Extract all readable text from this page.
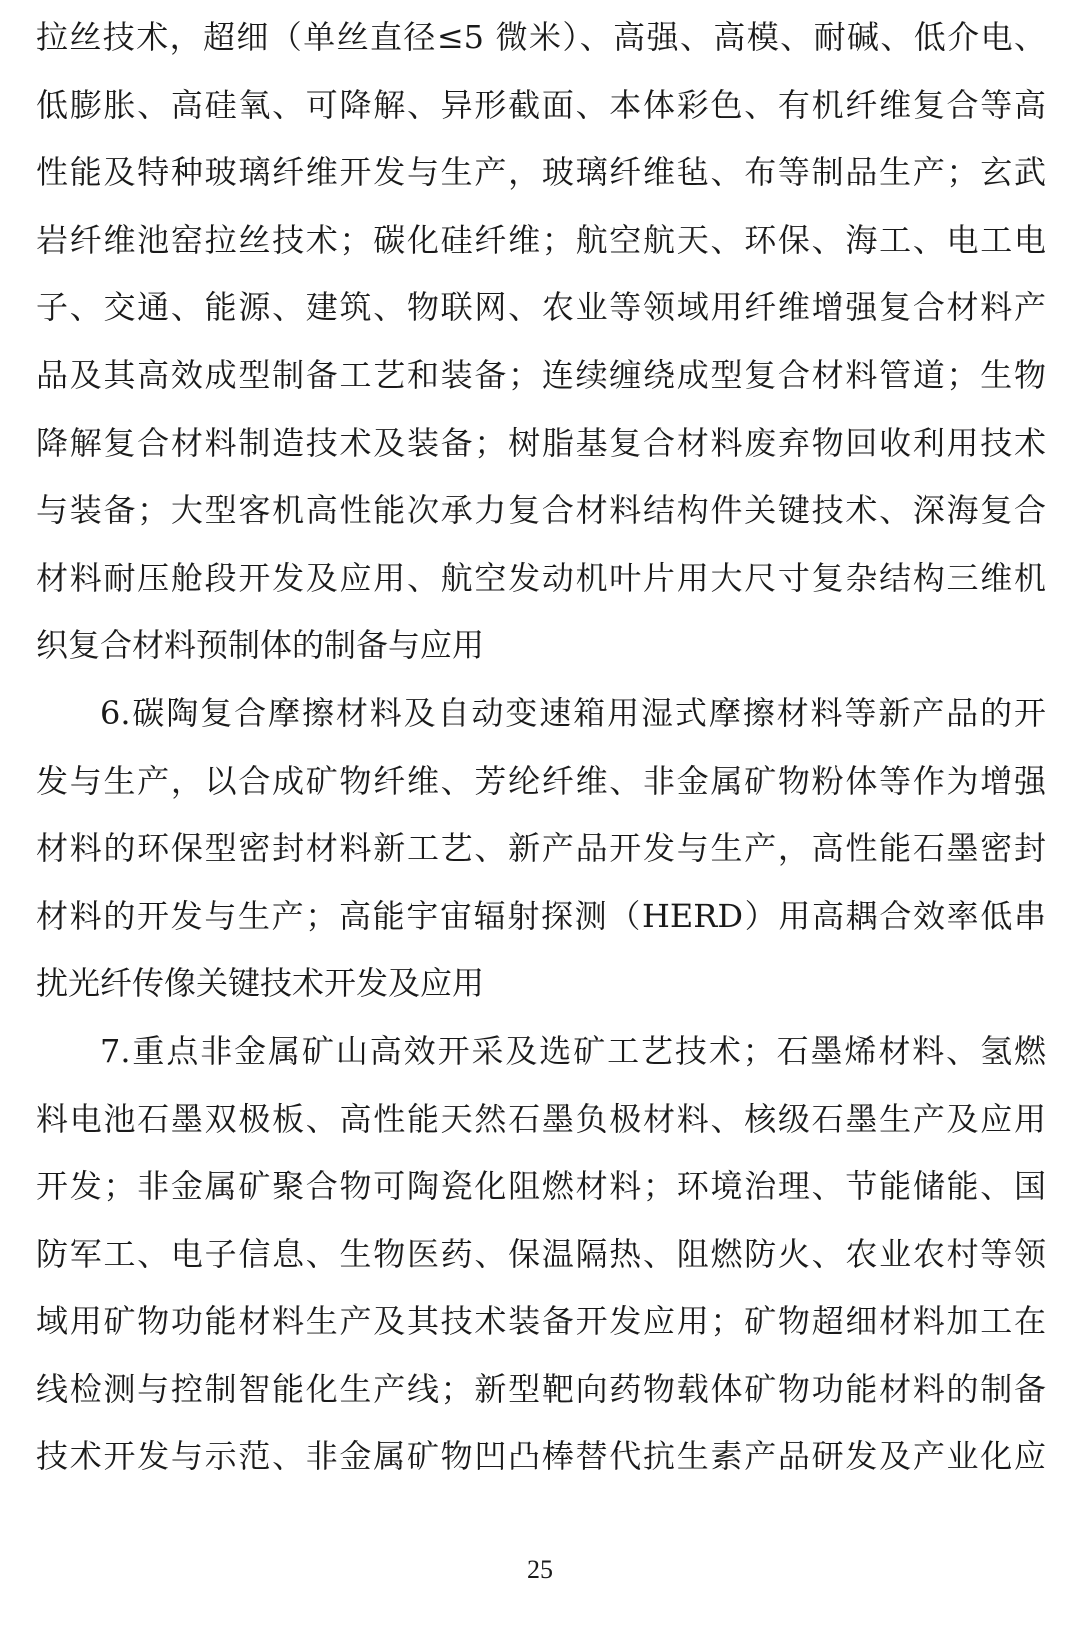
拉丝技术，超细（单丝直径≤5 微米）、高强、高模、耐碱、低介电、
低膨胀、高硅氧、可降解、异形截面、本体彩色、有机纤维复合等高
性能及特种玻璃纤维开发与生产，玻璃纤维毡、布等制品生产；玄武
岩纤维池窑拉丝技术；碳化硅纤维；航空航天、环保、海工、电工电
子、交通、能源、建筑、物联网、农业等领域用纤维增强复合材料产
品及其高效成型制备工艺和装备；连续缠绕成型复合材料管道；生物
降解复合材料制造技术及装备；树脂基复合材料废弃物回收利用技术
与装备；大型客机高性能次承力复合材料结构件关键技术、深海复合
材料耐压舱段开发及应用、航空发动机叶片用大尺寸复杂结构三维机
织复合材料预制体的制备与应用
6.碳陶复合摩擦材料及自动变速箱用湿式摩擦材料等新产品的开
发与生产，以合成矿物纤维、芳纶纤维、非金属矿物粉体等作为增强
材料的环保型密封材料新工艺、新产品开发与生产，高性能石墨密封
材料的开发与生产；高能宇宙辐射探测（HERD）用高耦合效率低串
扰光纤传像关键技术开发及应用
7.重点非金属矿山高效开采及选矿工艺技术；石墨烯材料、氢燃
料电池石墨双极板、高性能天然石墨负极材料、核级石墨生产及应用
开发；非金属矿聚合物可陶瓷化阻燃材料；环境治理、节能储能、国
防军工、电子信息、生物医药、保温隔热、阻燃防火、农业农村等领
域用矿物功能材料生产及其技术装备开发应用；矿物超细材料加工在
线检测与控制智能化生产线；新型靶向药物载体矿物功能材料的制备
技术开发与示范、非金属矿物凹凸棒替代抗生素产品研发及产业化应
25
